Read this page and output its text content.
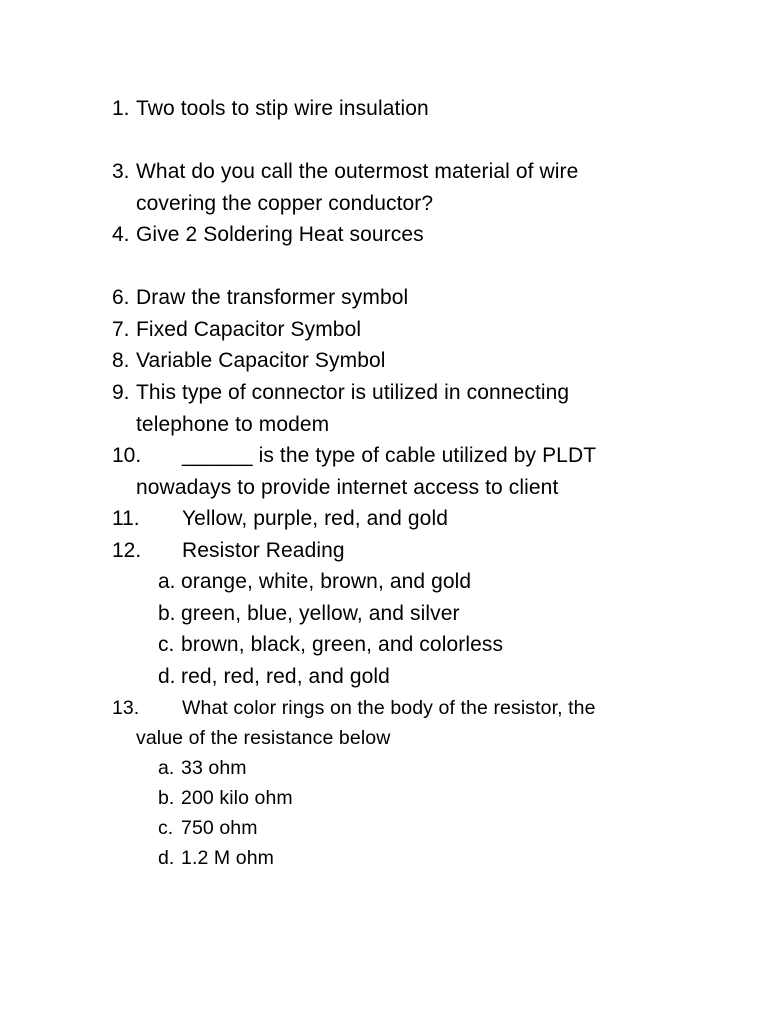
1. Two tools to stip wire insulation
3. What do you call the outermost material of wire
covering the copper conductor?
4. Give 2 Soldering Heat sources
6. Draw the transformer symbol
7. Fixed Capacitor Symbol
8. Variable Capacitor Symbol
9. This type of connector is utilized in connecting
telephone to modem
10. ______ is the type of cable utilized by PLDT
nowadays to provide internet access to client
11. Yellow, purple, red, and gold
12. Resistor Reading
a. orange, white, brown, and gold
b. green, blue, yellow, and silver
c. brown, black, green, and colorless
d. red, red, red, and gold
13. What color rings on the body of the resistor, the
value of the resistance below
a. 33 ohm
b. 200 kilo ohm
c. 750 ohm
d. 1.2 M ohm
